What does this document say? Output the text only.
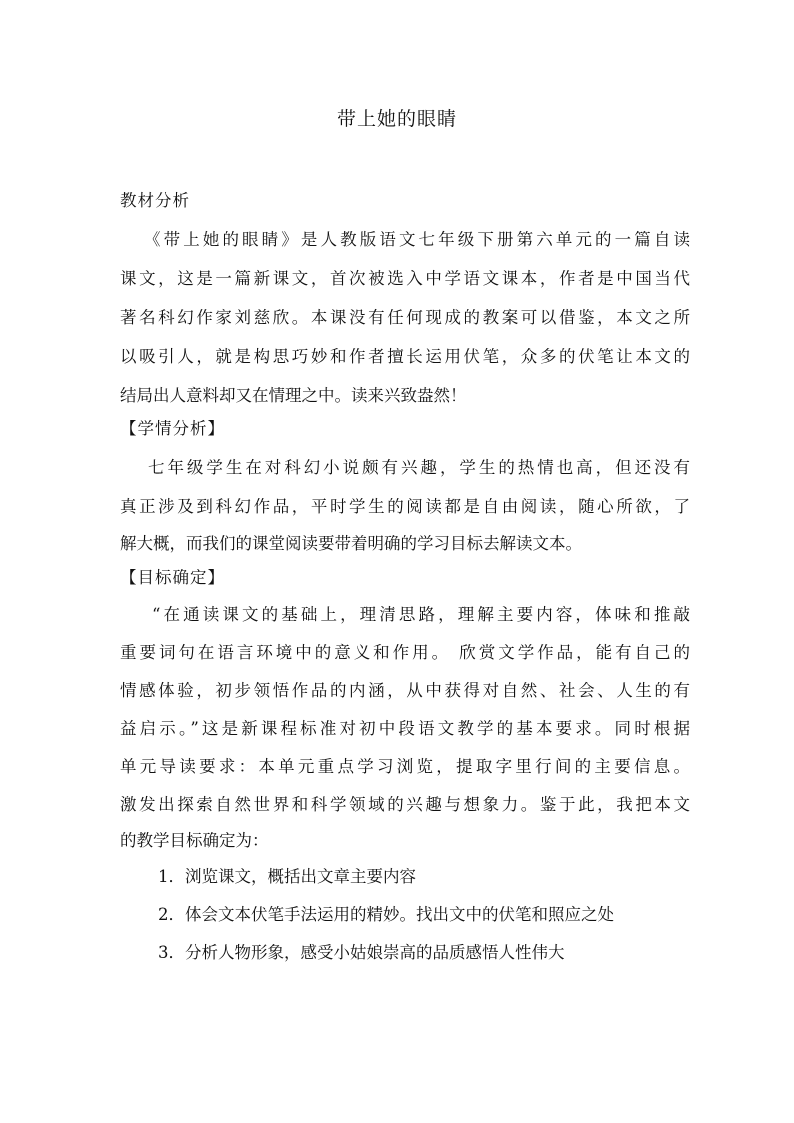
带上她的眼睛
教材分析
《带上她的眼睛》是人教版语文七年级下册第六单元的一篇自读
课文，这是一篇新课文，首次被选入中学语文课本，作者是中国当代
著名科幻作家刘慈欣。本课没有任何现成的教案可以借鉴，本文之所
以吸引人，就是构思巧妙和作者擅长运用伏笔，众多的伏笔让本文的
结局出人意料却又在情理之中。读来兴致盎然！
【学情分析】
七年级学生在对科幻小说颇有兴趣，学生的热情也高，但还没有
真正涉及到科幻作品，平时学生的阅读都是自由阅读，随心所欲，了
解大概，而我们的课堂阅读要带着明确的学习目标去解读文本。
【目标确定】
“在通读课文的基础上，理清思路，理解主要内容，体味和推敲
重要词句在语言环境中的意义和作用。 欣赏文学作品，能有自己的
情感体验，初步领悟作品的内涵，从中获得对自然、社会、人生的有
益启示。”这是新课程标准对初中段语文教学的基本要求。同时根据
单元导读要求：本单元重点学习浏览，提取字里行间的主要信息。
激发出探索自然世界和科学领域的兴趣与想象力。鉴于此，我把本文
的教学目标确定为：
1．浏览课文，概括出文章主要内容
2．体会文本伏笔手法运用的精妙。找出文中的伏笔和照应之处
3．分析人物形象，感受小姑娘崇高的品质感悟人性伟大
